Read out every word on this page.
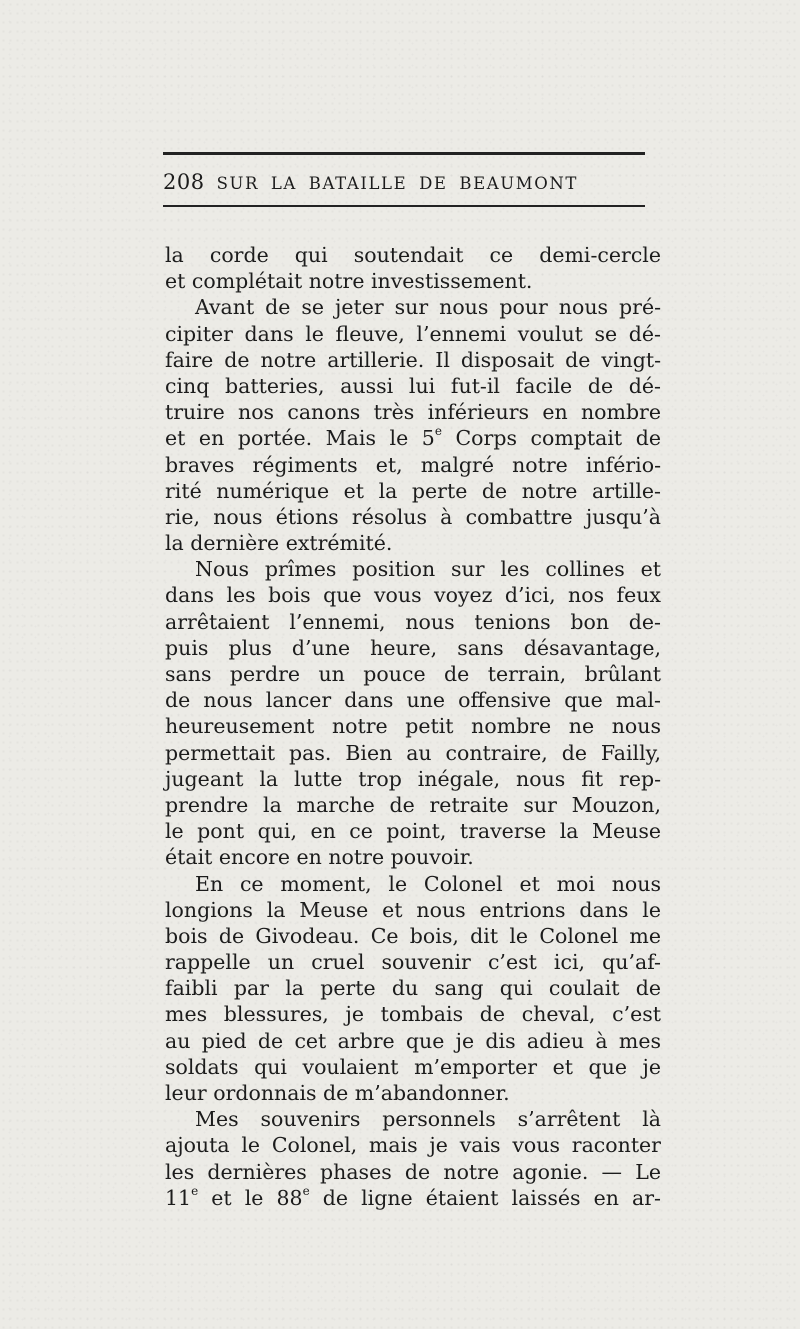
208 SUR LA BATAILLE DE BEAUMONT
la corde qui soutendait ce demi-cercle
et complétait notre investissement.
Avant de se jeter sur nous pour nous pré-
cipiter dans le fleuve, l’ennemi voulut se dé-
faire de notre artillerie. Il disposait de vingt-
cinq batteries, aussi lui fut-il facile de dé-
truire nos canons très inférieurs en nombre
et en portée. Mais le 5e Corps comptait de
braves régiments et, malgré notre infério-
rité numérique et la perte de notre artille-
rie, nous étions résolus à combattre jusqu’à
la dernière extrémité.
Nous prîmes position sur les collines et
dans les bois que vous voyez d’ici, nos feux
arrêtaient l’ennemi, nous tenions bon de-
puis plus d’une heure, sans désavantage,
sans perdre un pouce de terrain, brûlant
de nous lancer dans une offensive que mal-
heureusement notre petit nombre ne nous
permettait pas. Bien au contraire, de Failly,
jugeant la lutte trop inégale, nous fit rep-
prendre la marche de retraite sur Mouzon,
le pont qui, en ce point, traverse la Meuse
était encore en notre pouvoir.
En ce moment, le Colonel et moi nous
longions la Meuse et nous entrions dans le
bois de Givodeau. Ce bois, dit le Colonel me
rappelle un cruel souvenir c’est ici, qu’af-
faibli par la perte du sang qui coulait de
mes blessures, je tombais de cheval, c’est
au pied de cet arbre que je dis adieu à mes
soldats qui voulaient m’emporter et que je
leur ordonnais de m’abandonner.
Mes souvenirs personnels s’arrêtent là
ajouta le Colonel, mais je vais vous raconter
les dernières phases de notre agonie. — Le
11e et le 88e de ligne étaient laissés en ar-
